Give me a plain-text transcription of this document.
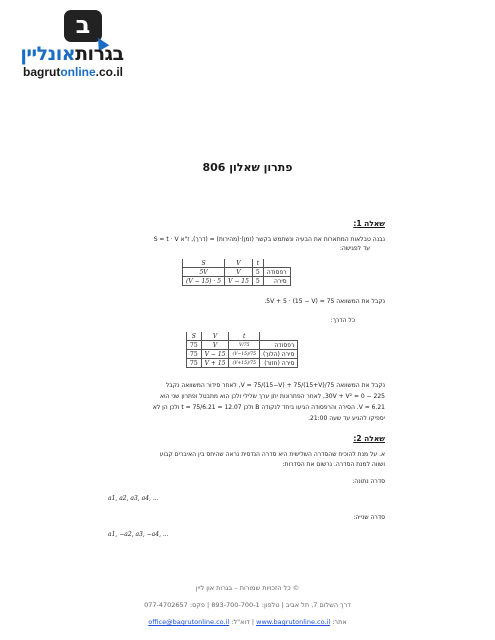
ב
בגרותאונליין
bagrutonline.co.il
פתרון שאלון 806
שאלה 1:
נבנה טבלאות המתארות את הבעיה ונשתמש בקשר (זמן)·(מהירות) = (דרך), ז"א S = t · V
עד לפגישה:
	t	V	S
רפסודה	5	V	5V
סירה	5	15 − V	5 · (15 − V)
נקבל את המשוואה 5V + 5 · (15 − V) = 75.
כל הדרך:
	t	V	S
רפסודה	75/V	V	75
סירה (הלוך)	75/(15−V)	15 − V	75
סירה (חזור)	75/(15+V)	15 + V	75
נקבל את המשוואה 75/V = 75/(15−V) + 75/(15+V), לאחר סידור המשוואה נקבל
225 − 30V + V² = 0, לאחר הפתרונות יתן ערך שלילי ולכן הוא מתבטל ופתרון שני הוא
V = 6.21. הסירה והרפסודה הגיעו ביחד לנקודה B ולכן 12.07 = t = 75/6.21 ולכן הן לא
יספיקו להגיע עד שעה 21:00.
שאלה 2:
א. על מנת להוכיח שהסדרה השלישית היא סדרה הנדסית נראה שהיחס בין האיברים קבוע
ושווה למנת הסדרה. נרשום את הסדרות:
סדרה נתונה:
a1, a2, a3, a4, ...
סדרה שנייה:
a1, −a2, a3, −a4, ...
© כל הזכויות שמורות – בגרות און ליין
דרך השלום 7, תל אביב | טלפון: 893-700-700-1 | פקס: 077-4702657
אתר: www.bagrutonline.co.il | דוא"ל: office@bagrutonline.co.il
